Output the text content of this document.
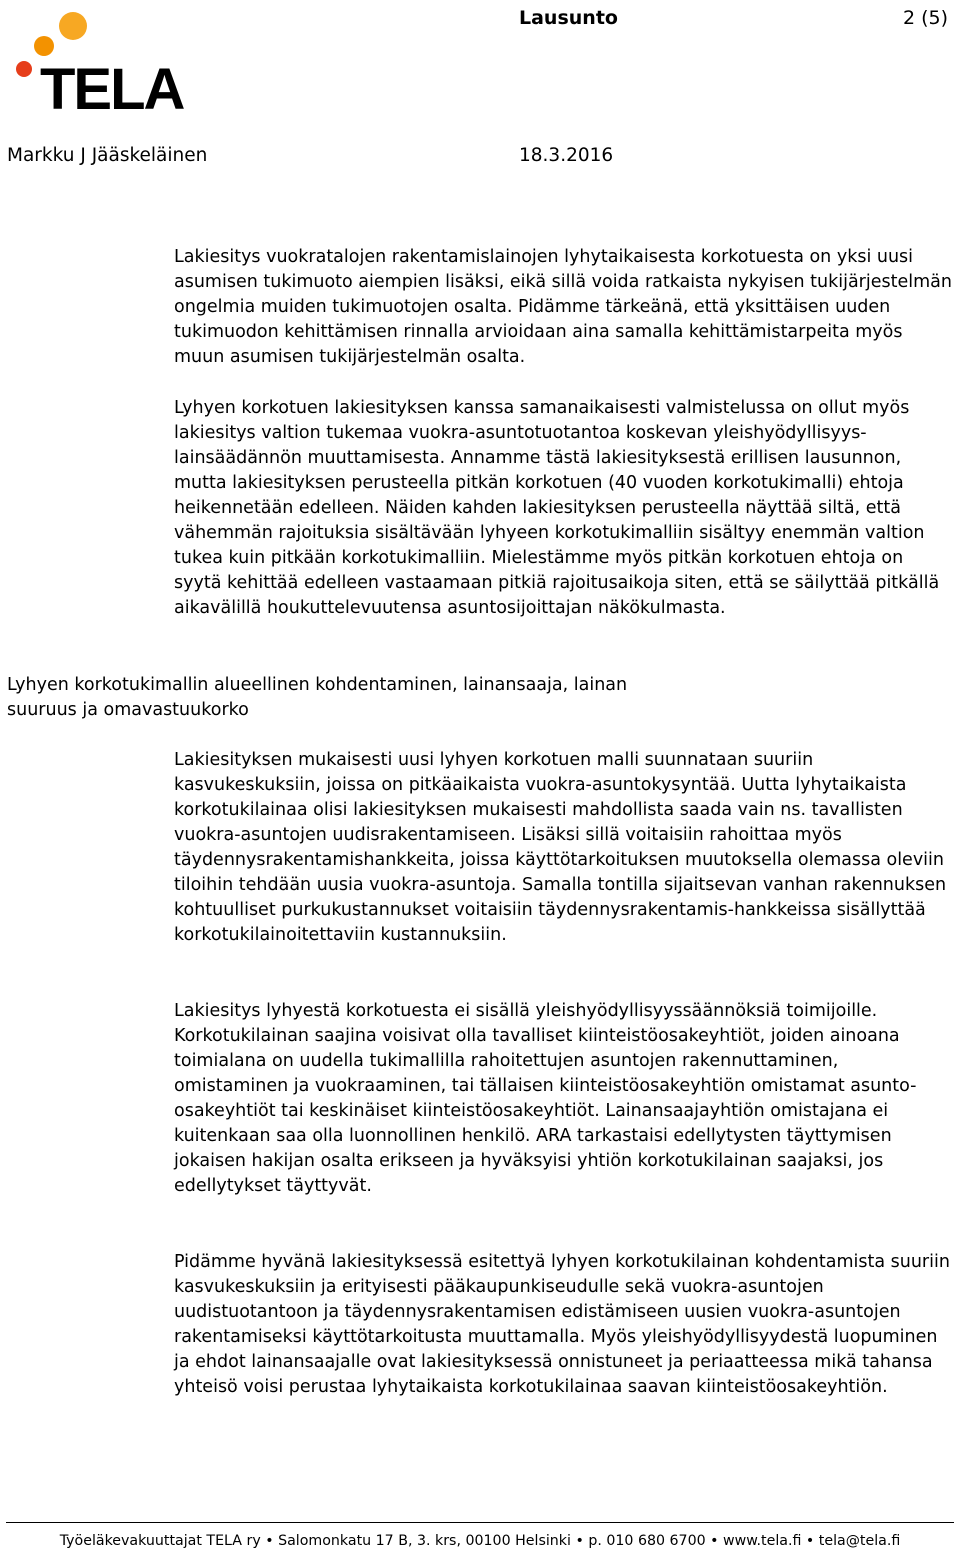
TELA
Lausunto	2 (5)
Markku J Jääskeläinen	18.3.2016

Lakiesitys vuokratalojen rakentamislainojen lyhytaikaisesta korkotuesta on yksi uusi asumisen tukimuoto aiempien lisäksi, eikä sillä voida ratkaista nykyisen tukijärjestelmän ongelmia muiden tukimuotojen osalta. Pidämme tärkeänä, että yksittäisen uuden tukimuodon kehittämisen rinnalla arvioidaan aina samalla kehittämistarpeita myös muun asumisen tukijärjestelmän osalta.

Lyhyen korkotuen lakiesityksen kanssa samanaikaisesti valmistelussa on ollut myös lakiesitys valtion tukemaa vuokra-asuntotuotantoa koskevan yleishyödyllisyys-lainsäädännön muuttamisesta. Annamme tästä lakiesityksestä erillisen lausunnon, mutta lakiesityksen perusteella pitkän korkotuen (40 vuoden korkotukimalli) ehtoja heikennetään edelleen. Näiden kahden lakiesityksen perusteella näyttää siltä, että vähemmän rajoituksia sisältävään lyhyeen korkotukimalliin sisältyy enemmän valtion tukea kuin pitkään korkotukimalliin. Mielestämme myös pitkän korkotuen ehtoja on syytä kehittää edelleen vastaamaan pitkiä rajoitusaikoja siten, että se säilyttää pitkällä aikavälillä houkuttelevuutensa asuntosijoittajan näkökulmasta.

Lyhyen korkotukimallin alueellinen kohdentaminen, lainansaaja, lainan suuruus ja omavastuukorko

Lakiesityksen mukaisesti uusi lyhyen korkotuen malli suunnataan suuriin kasvukeskuksiin, joissa on pitkäaikaista vuokra-asuntokysyntää. Uutta lyhytaikaista korkotukilainaa olisi lakiesityksen mukaisesti mahdollista saada vain ns. tavallisten vuokra-asuntojen uudisrakentamiseen. Lisäksi sillä voitaisiin rahoittaa myös täydennysrakentamishankkeita, joissa käyttötarkoituksen muutoksella olemassa oleviin tiloihin tehdään uusia vuokra-asuntoja. Samalla tontilla sijaitsevan vanhan rakennuksen kohtuulliset purkukustannukset voitaisiin täydennysrakentamis-hankkeissa sisällyttää korkotukilainoitettaviin kustannuksiin.

Lakiesitys lyhyestä korkotuesta ei sisällä yleishyödyllisyyssäännöksiä toimijoille. Korkotukilainan saajina voisivat olla tavalliset kiinteistöosakeyhtiöt, joiden ainoana toimialana on uudella tukimallilla rahoitettujen asuntojen rakennuttaminen, omistaminen ja vuokraaminen, tai tällaisen kiinteistöosakeyhtiön omistamat asunto-osakeyhtiöt tai keskinäiset kiinteistöosakeyhtiöt. Lainansaajayhtiön omistajana ei kuitenkaan saa olla luonnollinen henkilö. ARA tarkastaisi edellytysten täyttymisen jokaisen hakijan osalta erikseen ja hyväksyisi yhtiön korkotukilainan saajaksi, jos edellytykset täyttyvät.

Pidämme hyvänä lakiesityksessä esitettyä lyhyen korkotukilainan kohdentamista suuriin kasvukeskuksiin ja erityisesti pääkaupunkiseudulle sekä vuokra-asuntojen uudistuotantoon ja täydennysrakentamisen edistämiseen uusien vuokra-asuntojen rakentamiseksi käyttötarkoitusta muuttamalla. Myös yleishyödyllisyydestä luopuminen ja ehdot lainansaajalle ovat lakiesityksessä onnistuneet ja periaatteessa mikä tahansa yhteisö voisi perustaa lyhytaikaista korkotukilainaa saavan kiinteistöosakeyhtiön.

Työeläkevakuuttajat TELA ry • Salomonkatu 17 B, 3. krs, 00100 Helsinki • p. 010 680 6700 • www.tela.fi • tela@tela.fi
